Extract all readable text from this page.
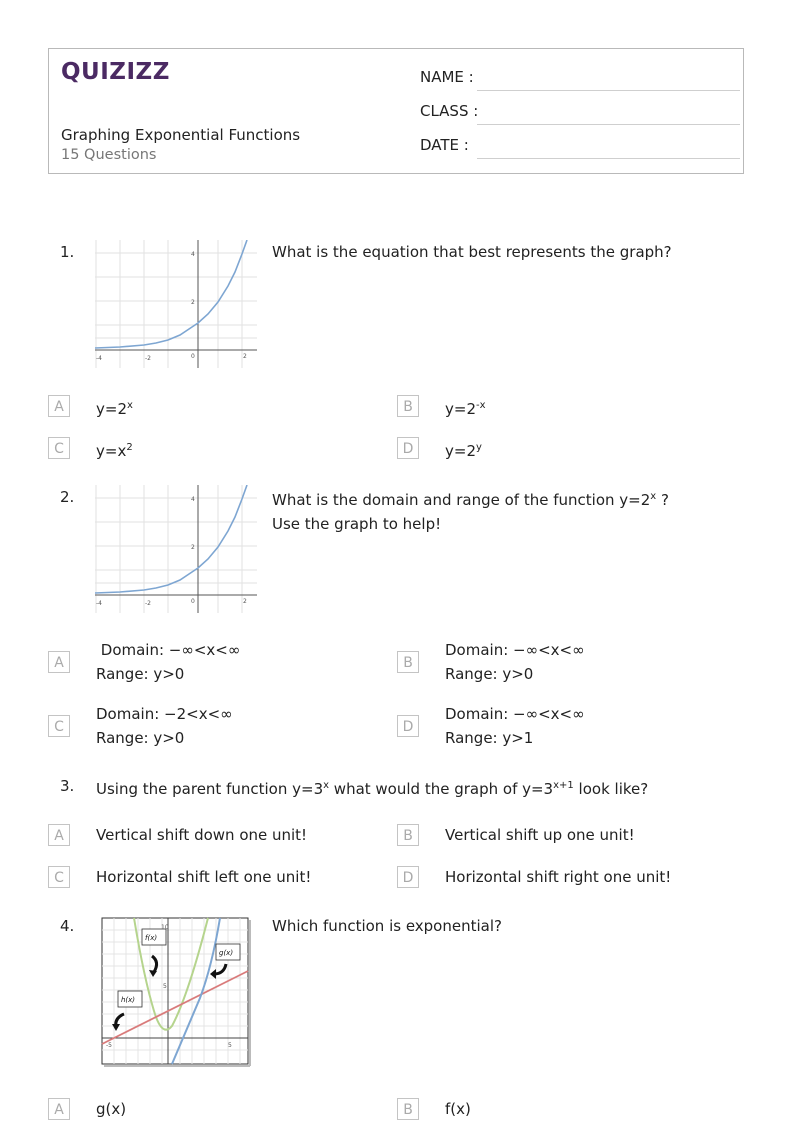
QUIZIZZ
Graphing Exponential Functions
15 Questions
NAME :
CLASS :
DATE :
1.
-4	-2	0	2
4
2
What is the equation that best represents the graph?
A	$y=2^x$	B	$y=2^{-x}$
C	$y=x^2$	D	$y=2^y$
2.
-4	-2	0	2
4
2
What is the domain and range of the function $y=2^x$ ?
Use the graph to help!
A
Domain: −∞<x<∞
Range: y>0
B
Domain: −∞<x<∞
Range: y>0
C
Domain: −2<x<∞
Range: y>0
D
Domain: −∞<x<∞
Range: y>1
3. Using the parent function $y=3^x$ what would the graph of $y=3^{x+1}$ look like?
A	Vertical shift down one unit!	B	Vertical shift up one unit!
C	Horizontal shift left one unit!	D	Horizontal shift right one unit!
4.
f(x)
g(x)
h(x)
-5	5
10
5
Which function is exponential?
A	g(x)	B	f(x)
